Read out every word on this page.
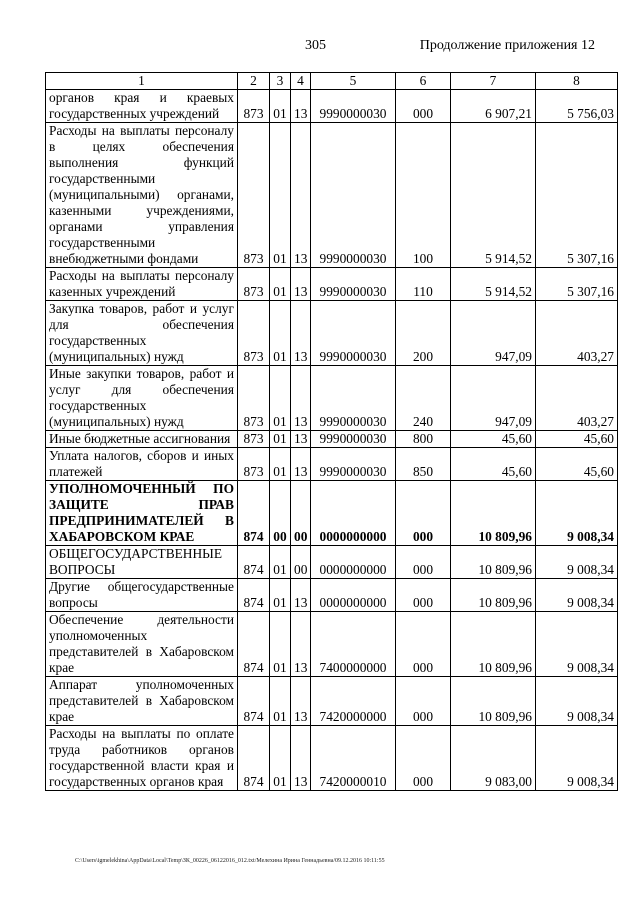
305	Продолжение приложения 12
1	2	3	4	5	6	7	8
органов края и краевых государственных учреждений	873	01	13	9990000030	000	6 907,21	5 756,03
Расходы на выплаты персоналу в целях обеспечения выполнения функций государственными (муниципальными) органами, казенными учреждениями, органами управления государственными внебюджетными фондами	873	01	13	9990000030	100	5 914,52	5 307,16
Расходы на выплаты персоналу казенных учреждений	873	01	13	9990000030	110	5 914,52	5 307,16
Закупка товаров, работ и услуг для обеспечения государственных (муниципальных) нужд	873	01	13	9990000030	200	947,09	403,27
Иные закупки товаров, работ и услуг для обеспечения государственных (муниципальных) нужд	873	01	13	9990000030	240	947,09	403,27
Иные бюджетные ассигнования	873	01	13	9990000030	800	45,60	45,60
Уплата налогов, сборов и иных платежей	873	01	13	9990000030	850	45,60	45,60
УПОЛНОМОЧЕННЫЙ ПО ЗАЩИТЕ ПРАВ ПРЕДПРИНИМАТЕЛЕЙ В ХАБАРОВСКОМ КРАЕ	874	00	00	0000000000	000	10 809,96	9 008,34
ОБЩЕГОСУДАРСТВЕННЫЕ ВОПРОСЫ	874	01	00	0000000000	000	10 809,96	9 008,34
Другие общегосударственные вопросы	874	01	13	0000000000	000	10 809,96	9 008,34
Обеспечение деятельности уполномоченных представителей в Хабаровском крае	874	01	13	7400000000	000	10 809,96	9 008,34
Аппарат уполномоченных представителей в Хабаровском крае	874	01	13	7420000000	000	10 809,96	9 008,34
Расходы на выплаты по оплате труда работников органов государственной власти края и государственных органов края	874	01	13	7420000010	000	9 083,00	9 008,34
C:\Users\igmelekhina\AppData\Local\Temp\ЗК_00226_06122016_012.txt/Мелехина Ирина Геннадьевна/09.12.2016 10:11:55
